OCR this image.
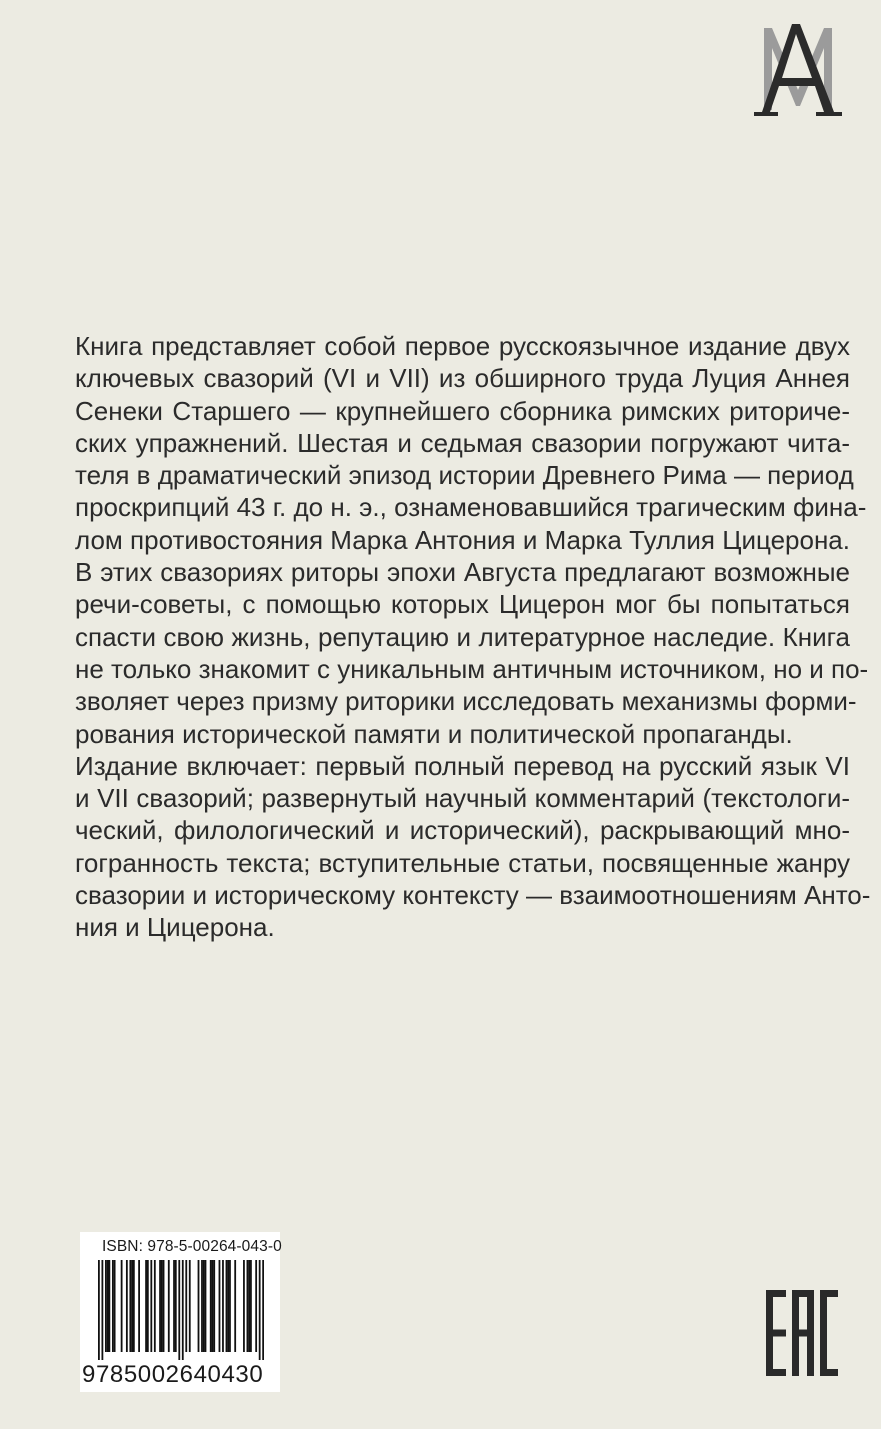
Книга представляет собой первое русскоязычное издание двух
ключевых свазорий (VI и VII) из обширного труда Луция Аннея
Сенеки Старшего — крупнейшего сборника римских риториче-
ских упражнений. Шестая и седьмая свазории погружают чита-
теля в драматический эпизод истории Древнего Рима — период
проскрипций 43 г. до н. э., ознаменовавшийся трагическим фина-
лом противостояния Марка Антония и Марка Туллия Цицерона.
В этих свазориях риторы эпохи Августа предлагают возможные
речи-советы, с помощью которых Цицерон мог бы попытаться
спасти свою жизнь, репутацию и литературное наследие. Книга
не только знакомит с уникальным античным источником, но и по-
зволяет через призму риторики исследовать механизмы форми-
рования исторической памяти и политической пропаганды.
Издание включает: первый полный перевод на русский язык VI
и VII свазорий; развернутый научный комментарий (текстологи-
ческий, филологический и исторический), раскрывающий мно-
гогранность текста; вступительные статьи, посвященные жанру
свазории и историческому контексту — взаимоотношениям Анто-
ния и Цицерона.
ISBN: 978-5-00264-043-0
9785002640430
